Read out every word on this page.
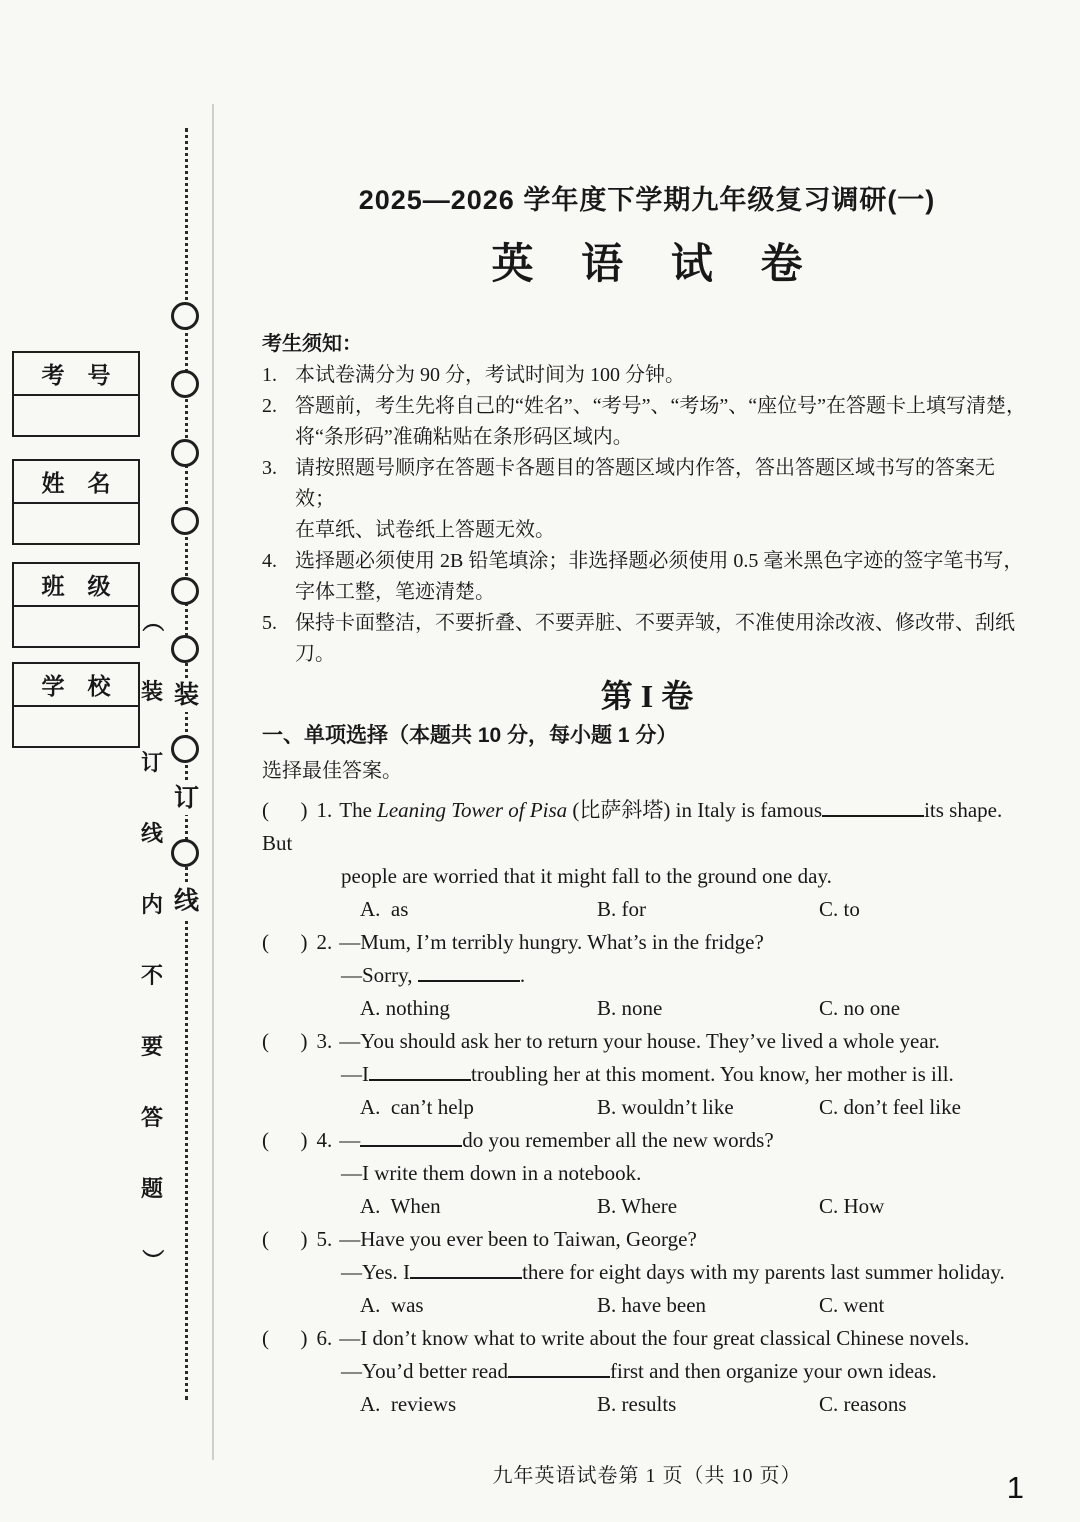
考    号
姓    名
班    级
学    校
（
装
订
线
内
不
要
答
题
）
装
订
线
2025—2026 学年度下学期九年级复习调研(一)
英 语 试 卷
考生须知：
1. 本试卷满分为 90 分，考试时间为 100 分钟。
2. 答题前，考生先将自己的“姓名”、“考号”、“考场”、“座位号”在答题卡上填写清楚，
将“条形码”准确粘贴在条形码区域内。
3. 请按照题号顺序在答题卡各题目的答题区域内作答，答出答题区域书写的答案无效；
在草纸、试卷纸上答题无效。
4. 选择题必须使用 2B 铅笔填涂；非选择题必须使用 0.5 毫米黑色字迹的签字笔书写，
字体工整，笔迹清楚。
5. 保持卡面整洁，不要折叠、不要弄脏、不要弄皱，不准使用涂改液、修改带、刮纸刀。
第 I 卷
一、单项选择（本题共 10 分，每小题 1 分）
选择最佳答案。
(      ) 1. The Leaning Tower of Pisa (比萨斜塔) in Italy is famous	its shape. But
people are worried that it might fall to the ground one day.
A.  as	B. for	C. to
(      ) 2. —Mum, I’m terribly hungry. What’s in the fridge?
—Sorry,	.
A. nothing	B. none	C. no one
(      ) 3. —You should ask her to return your house. They’ve lived a whole year.
—I	troubling her at this moment. You know, her mother is ill.
A.  can’t help	B. wouldn’t like	C. don’t feel like
(      ) 4. —	do you remember all the new words?
—I write them down in a notebook.
A.  When	B. Where	C. How
(      ) 5. —Have you ever been to Taiwan, George?
—Yes. I	there for eight days with my parents last summer holiday.
A.  was	B. have been	C. went
(      ) 6. —I don’t know what to write about the four great classical Chinese novels.
—You’d better read	first and then organize your own ideas.
A.  reviews	B. results	C. reasons
九年英语试卷第 1 页（共 10 页）	1
